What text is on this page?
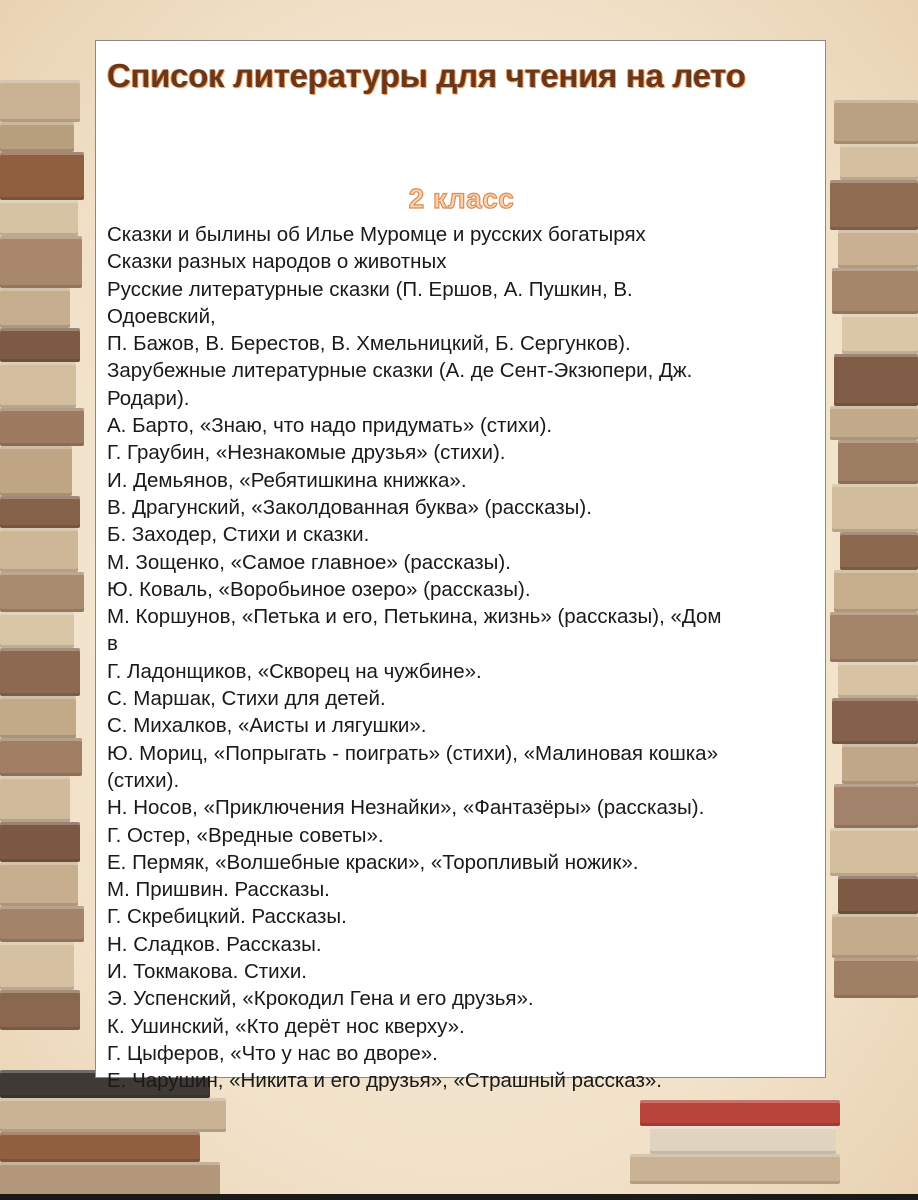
Список литературы для чтения на лето
2 класс
Сказки и былины об Илье Муромце и русских богатырях
Сказки разных народов о животных
Русские литературные сказки (П. Ершов, А. Пушкин, В.
Одоевский,
П. Бажов, В. Берестов, В. Хмельницкий, Б. Сергунков).
Зарубежные литературные сказки (А. де Сент-Экзюпери, Дж.
Родари).
А. Барто, «Знаю, что надо придумать» (стихи).
Г. Граубин, «Незнакомые друзья» (стихи).
И. Демьянов, «Ребятишкина книжка».
В. Драгунский, «Заколдованная буква» (рассказы).
Б. Заходер, Стихи и сказки.
М. Зощенко, «Самое главное» (рассказы).
Ю. Коваль, «Воробьиное озеро» (рассказы).
М. Коршунов, «Петька и его, Петькина, жизнь» (рассказы), «Дом
в
Г. Ладонщиков, «Скворец на чужбине».
С. Маршак, Стихи для детей.
С. Михалков, «Аисты и лягушки».
Ю. Мориц, «Попрыгать - поиграть» (стихи), «Малиновая кошка»
(стихи).
Н. Носов, «Приключения Незнайки», «Фантазёры» (рассказы).
Г. Остер, «Вредные советы».
Е. Пермяк, «Волшебные краски», «Торопливый ножик».
М. Пришвин. Рассказы.
Г. Скребицкий. Рассказы.
Н. Сладков. Рассказы.
И. Токмакова. Стихи.
Э. Успенский, «Крокодил Гена и его друзья».
К. Ушинский, «Кто дерёт нос кверху».
Г. Цыферов, «Что у нас во дворе».
Е. Чарушин, «Никита и его друзья», «Страшный рассказ».
